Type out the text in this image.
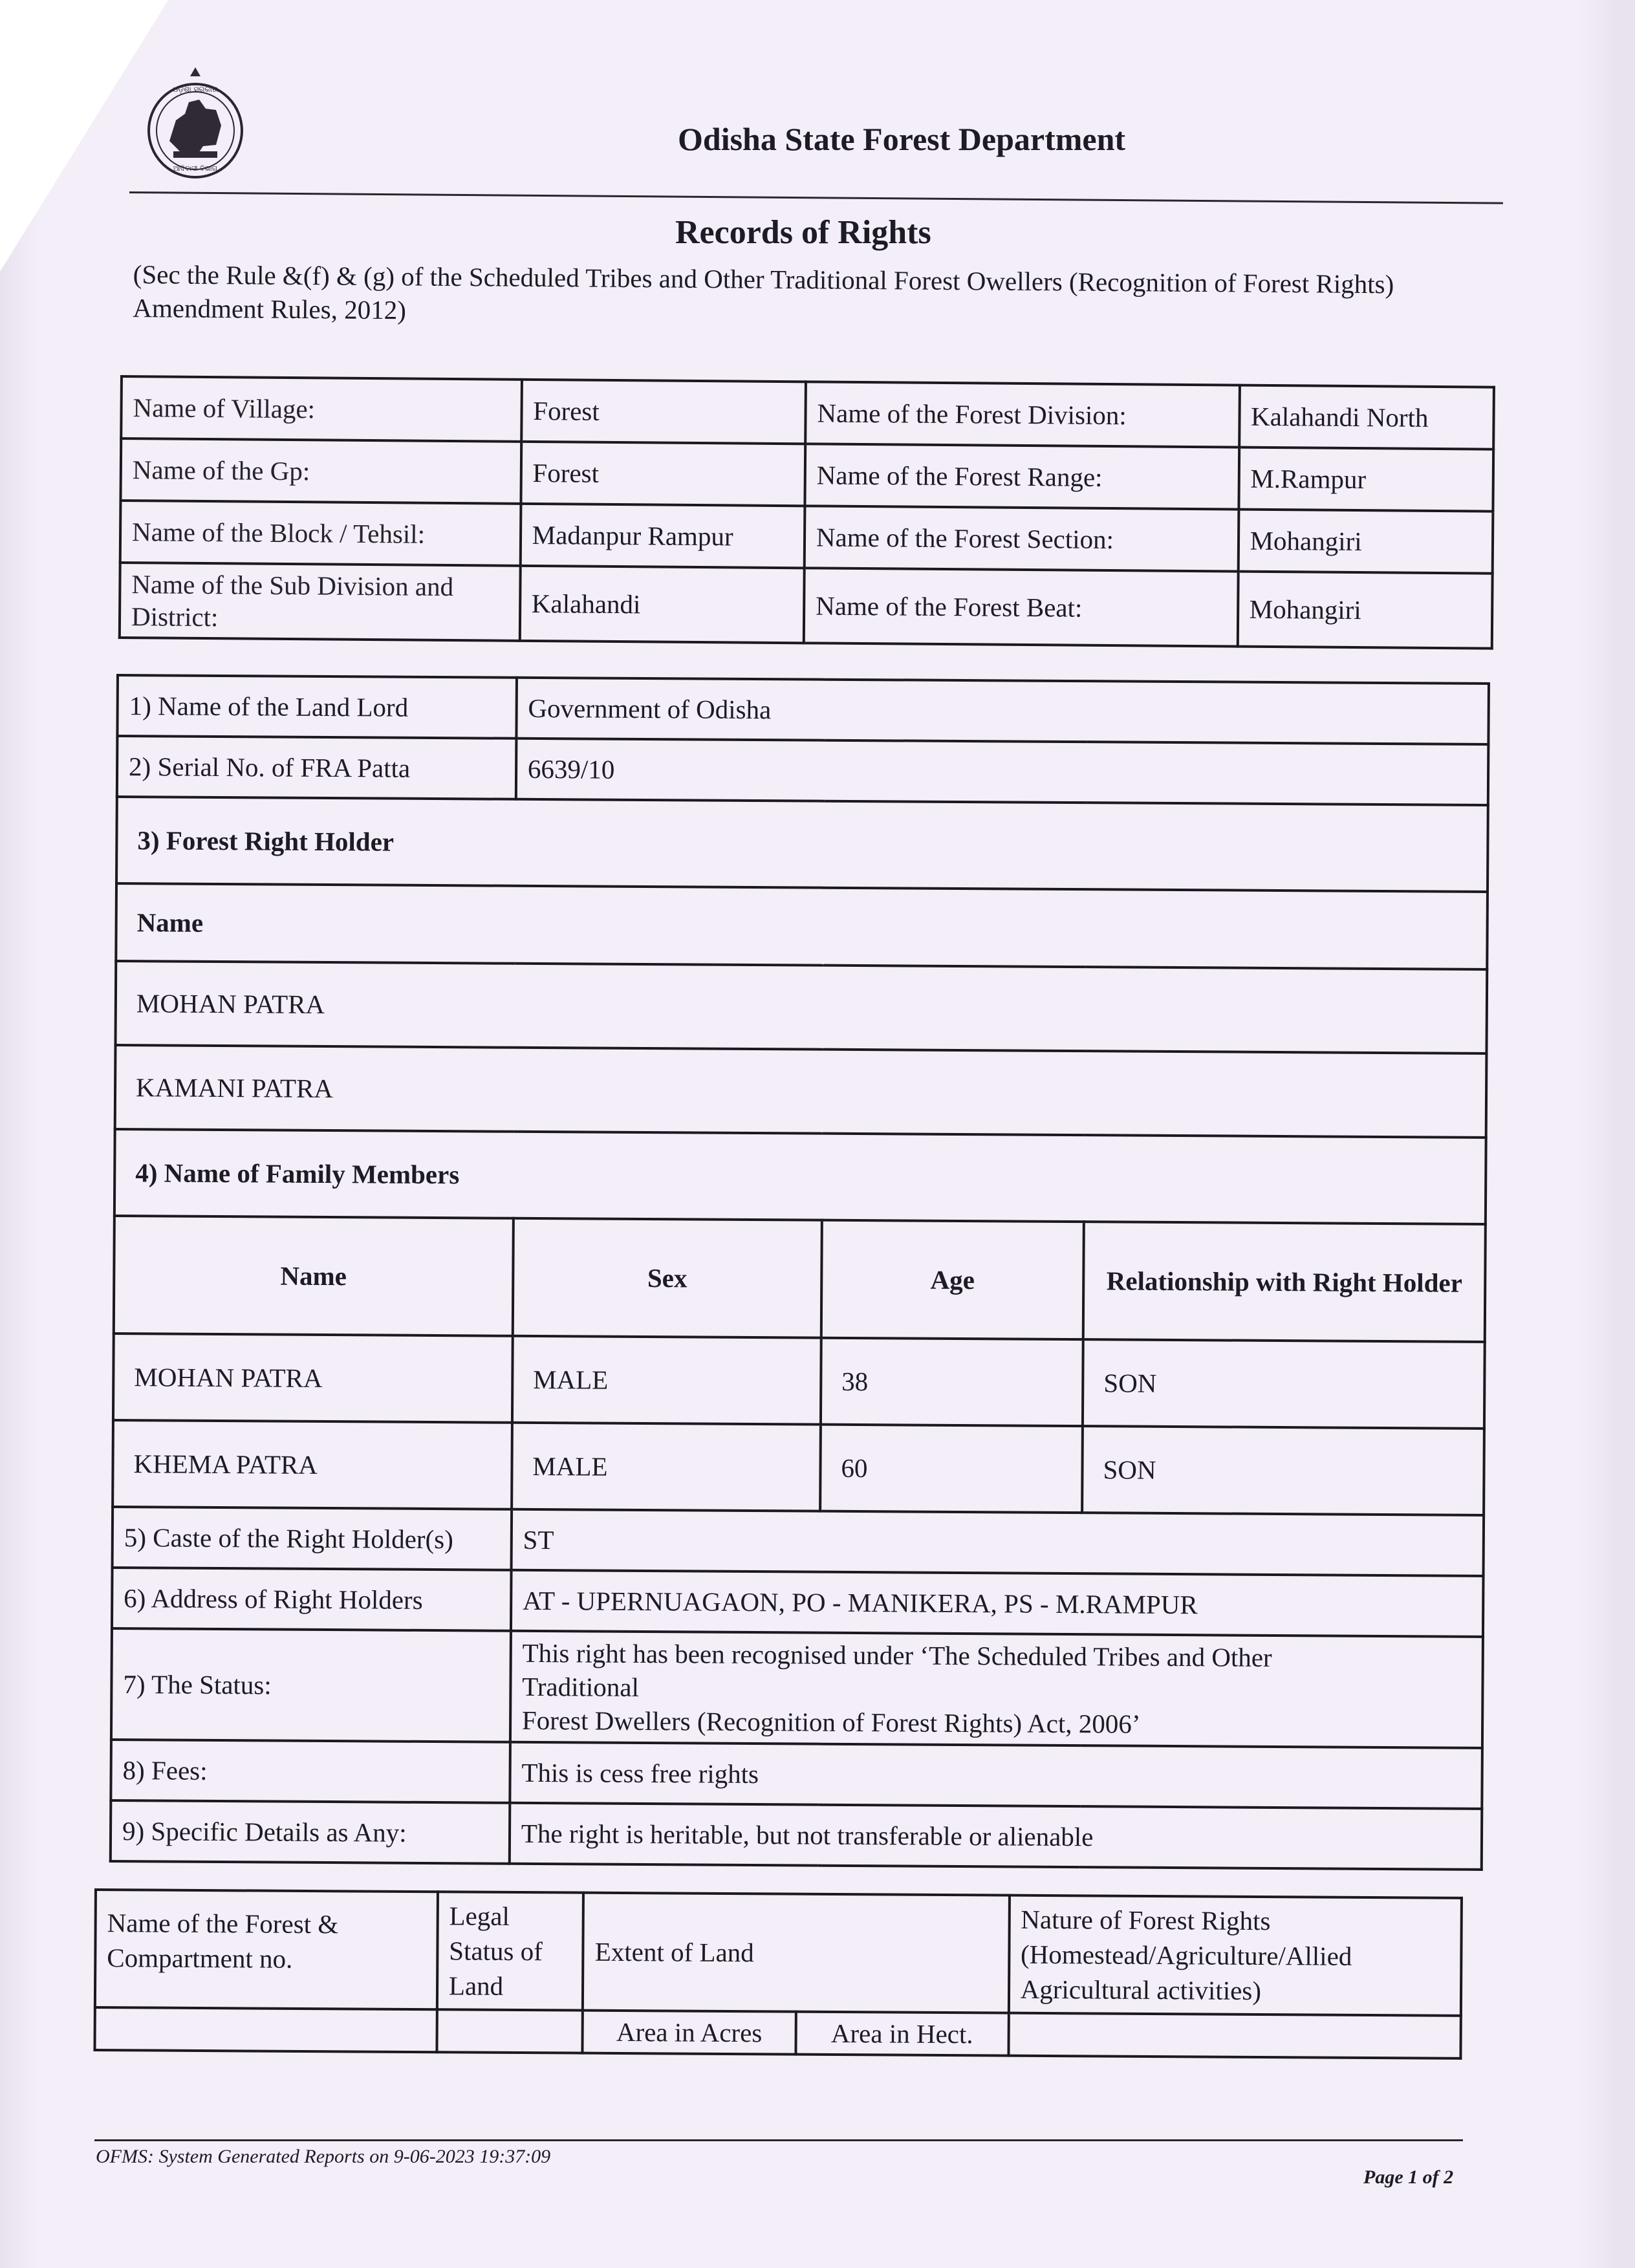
ଓଡ଼ିଶା ସରକାର
ଆଦିବାସୀ ବିଭାଗ
Odisha State Forest Department
Records of Rights
(Sec the Rule &(f) & (g) of the Scheduled Tribes and Other Traditional Forest Owellers (Recognition of Forest Rights) Amendment Rules, 2012)
Name of Village:	Forest	Name of the Forest Division:	Kalahandi North
Name of the Gp:	Forest	Name of the Forest Range:	M.Rampur
Name of the Block / Tehsil:	Madanpur Rampur	Name of the Forest Section:	Mohangiri
Name of the Sub Division and District:	Kalahandi	Name of the Forest Beat:	Mohangiri
1) Name of the Land Lord	Government of Odisha		
2) Serial No. of FRA Patta	6639/10		
3) Forest Right Holder			
Name			
MOHAN PATRA			
KAMANI PATRA			
4) Name of Family Members			
Name	Sex	Age	Relationship with Right Holder
MOHAN PATRA	MALE	38	SON
KHEMA PATRA	MALE	60	SON
5) Caste of the Right Holder(s)	ST		
6) Address of Right Holders	AT - UPERNUAGAON, PO - MANIKERA, PS - M.RAMPUR		
7) The Status:	This right has been recognised under ‘The Scheduled Tribes and Other
Traditional
Forest Dwellers (Recognition of Forest Rights) Act, 2006’		

8) Fees:	This is cess free rights		
9) Specific Details as Any:	The right is heritable, but not transferable or alienable		
Name of the Forest & Compartment no.	Legal Status of Land	Extent of Land		Nature of Forest Rights (Homestead/Agriculture/Allied Agricultural activities)
		Area in Acres	Area in Hect.	
OFMS: System Generated Reports on 9-06-2023 19:37:09
Page 1 of 2
